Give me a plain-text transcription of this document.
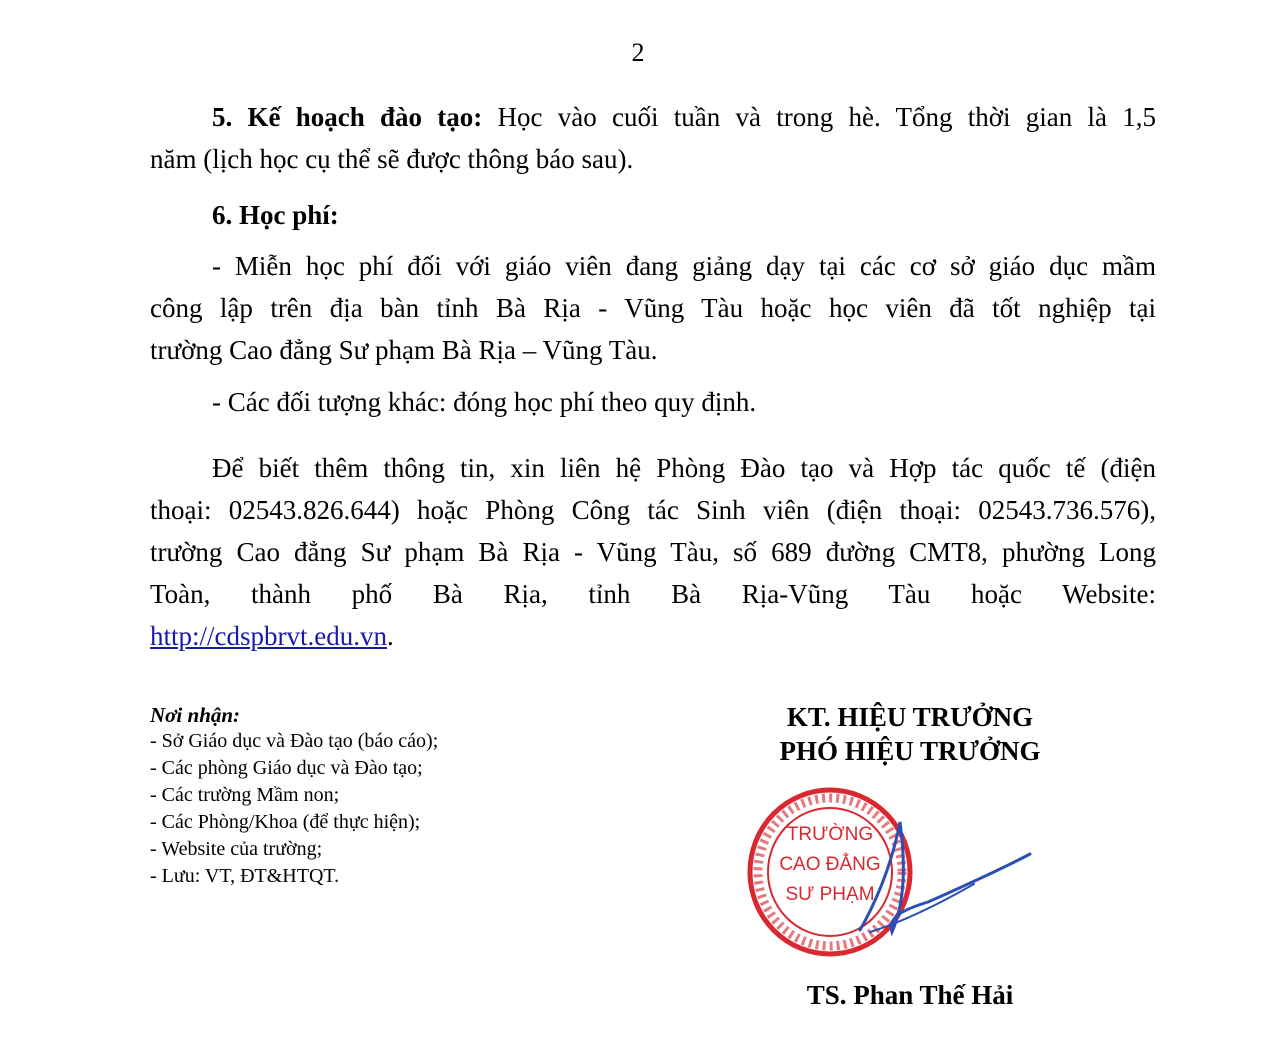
2
5. Kế hoạch đào tạo: Học vào cuối tuần và trong hè. Tổng thời gian là 1,5
năm (lịch học cụ thể sẽ được thông báo sau).
6. Học phí:
- Miễn học phí đối với giáo viên đang giảng dạy tại các cơ sở giáo dục mầm
công lập trên địa bàn tỉnh Bà Rịa - Vũng Tàu hoặc học viên đã tốt nghiệp tại
trường Cao đẳng Sư phạm Bà Rịa – Vũng Tàu.
- Các đối tượng khác: đóng học phí theo quy định.
Để biết thêm thông tin, xin liên hệ Phòng Đào tạo và Hợp tác quốc tế (điện
thoại: 02543.826.644) hoặc Phòng Công tác Sinh viên (điện thoại: 02543.736.576),
trường Cao đẳng Sư phạm Bà Rịa - Vũng Tàu, số 689 đường CMT8, phường Long
Toàn, thành phố Bà Rịa, tỉnh Bà Rịa-Vũng Tàu hoặc Website:
http://cdspbrvt.edu.vn.
Nơi nhận:
- Sở Giáo dục và Đào tạo (báo cáo);
- Các phòng Giáo dục và Đào tạo;
- Các trường Mầm non;
- Các Phòng/Khoa (để thực hiện);
- Website của trường;
- Lưu: VT, ĐT&HTQT.
KT. HIỆU TRƯỞNG
PHÓ HIỆU TRƯỞNG
TRƯỜNG
CAO ĐẲNG
SƯ PHẠM
TS. Phan Thế Hải
